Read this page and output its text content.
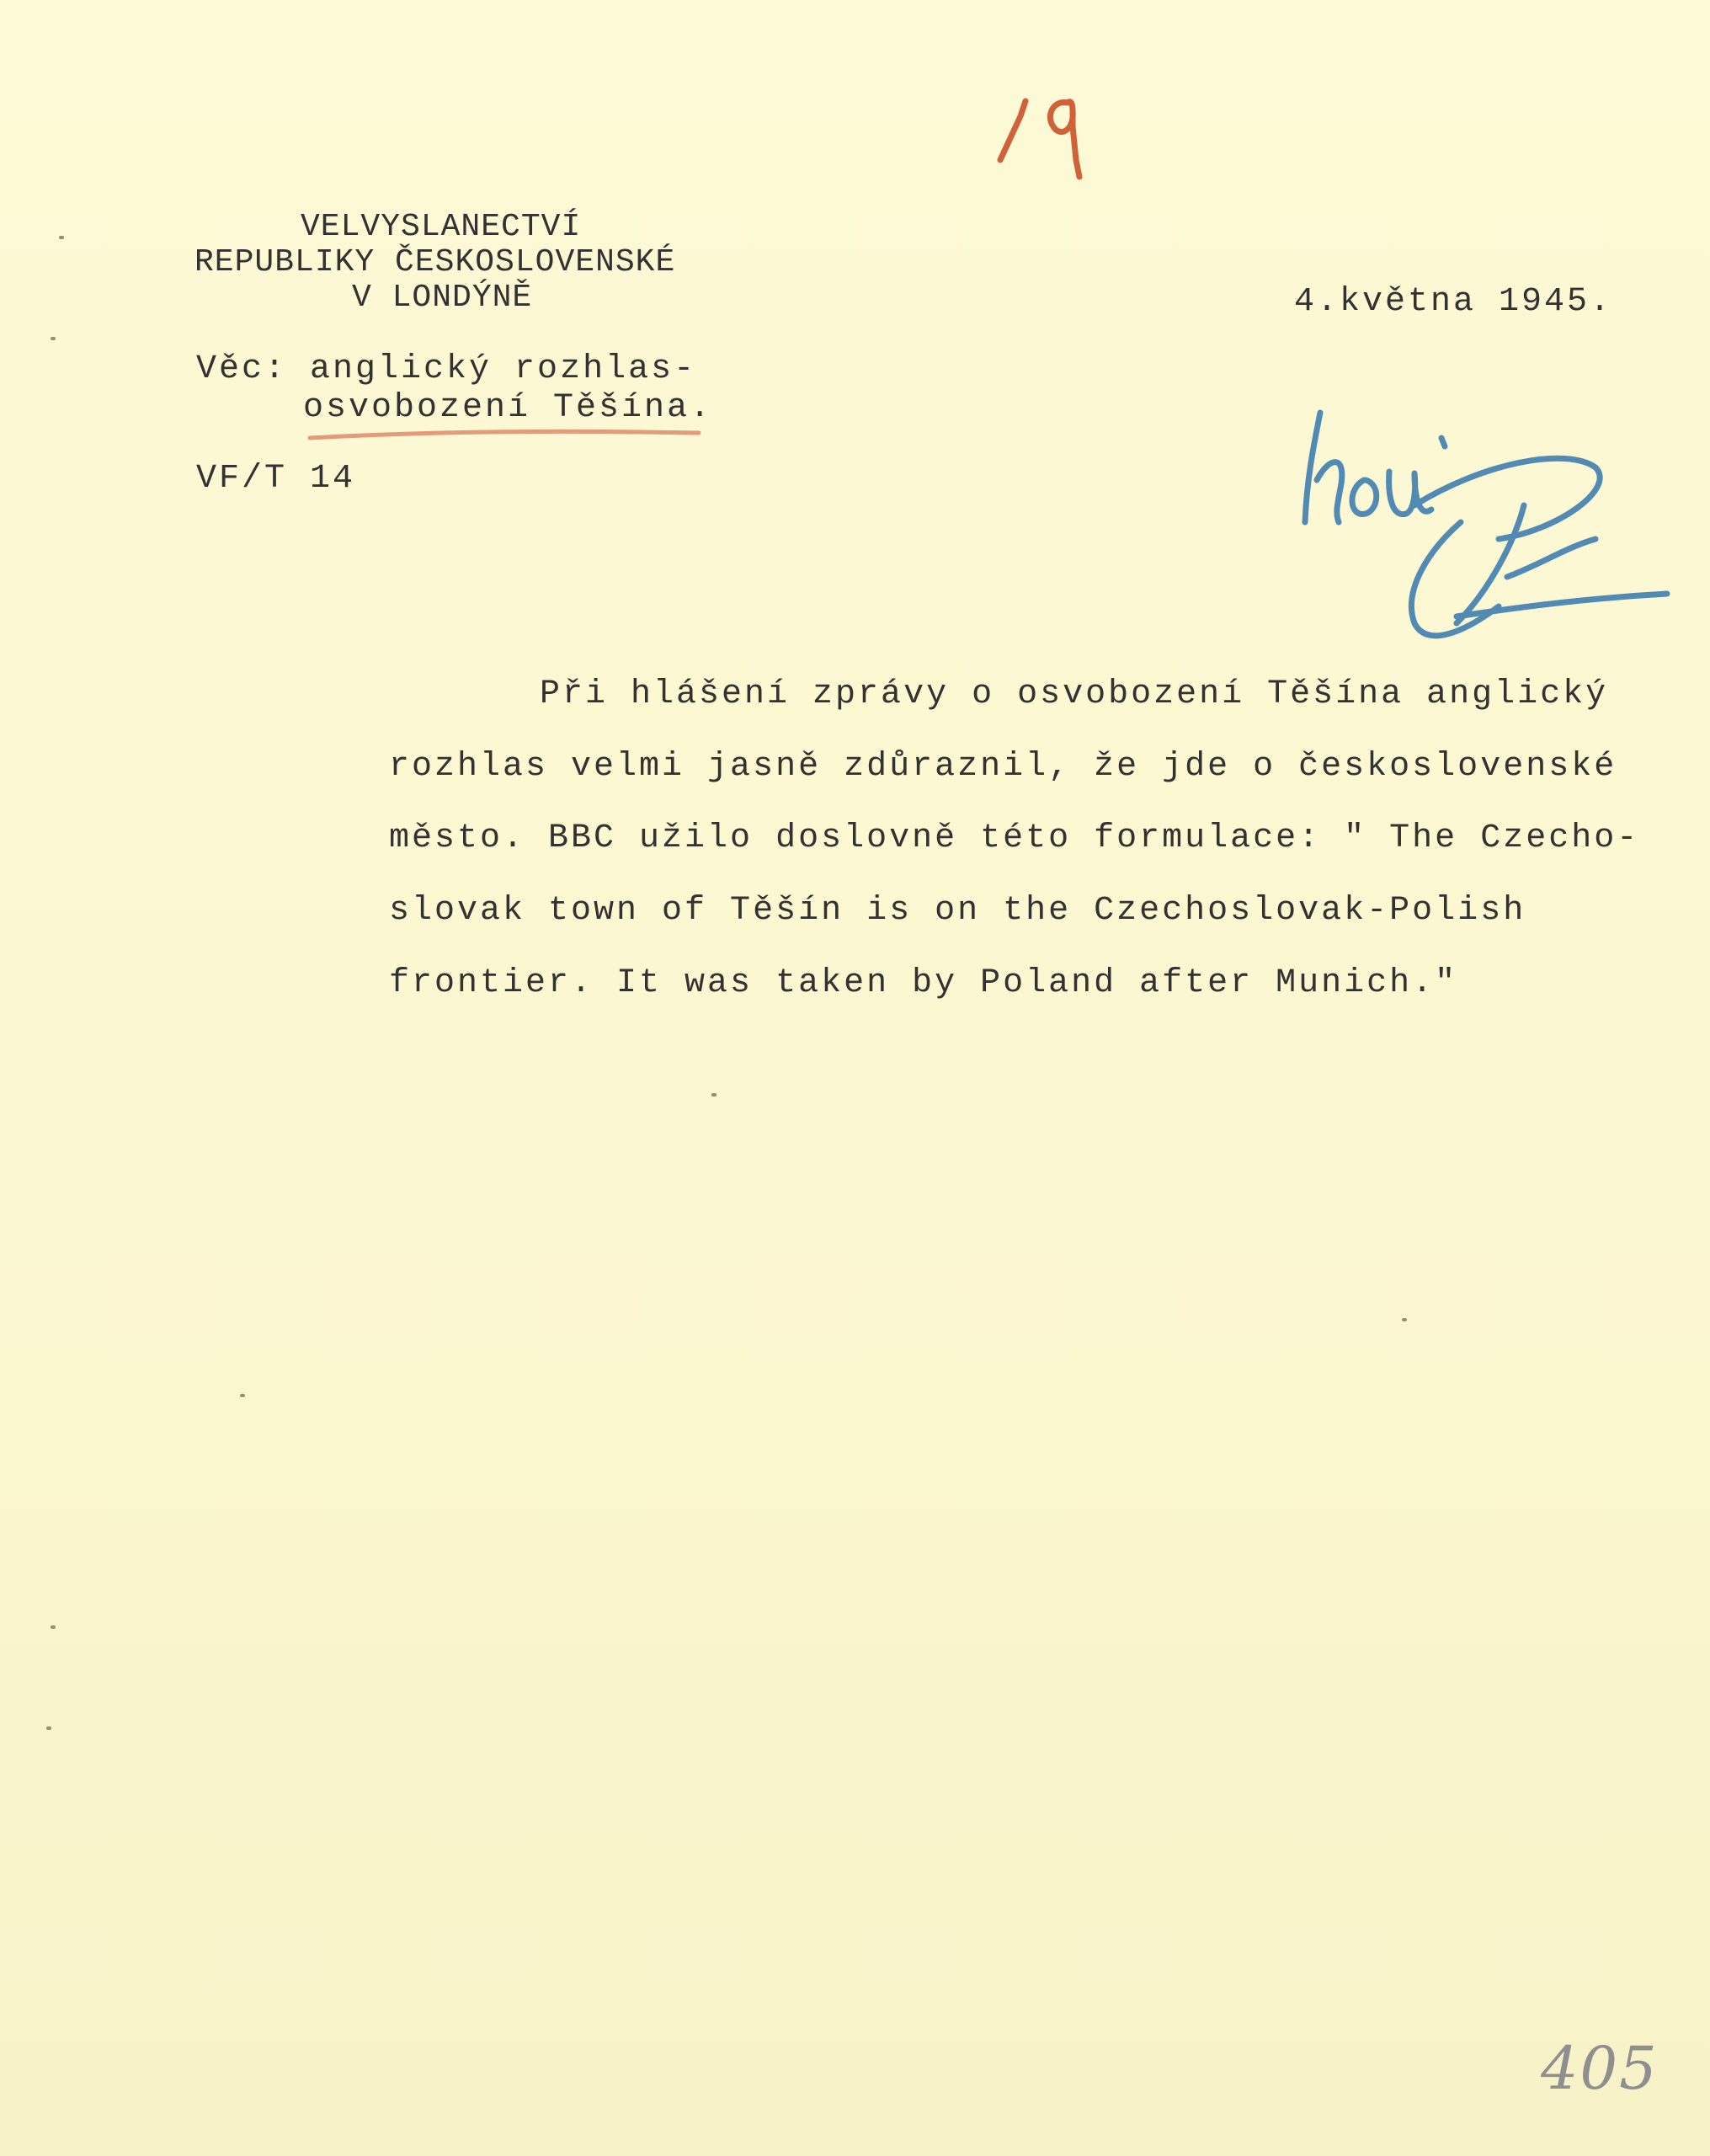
VELVYSLANECTVÍ
REPUBLIKY ČESKOSLOVENSKÉ
V LONDÝNĚ	4.května 1945.
Věc: anglický rozhlas-
osvobození Těšína.
VF/T 14
Při hlášení zprávy o osvobození Těšína anglický
rozhlas velmi jasně zdůraznil, že jde o československé
město. BBC užilo doslovně této formulace: " The Czecho-
slovak town of Těšín is on the Czechoslovak-Polish
frontier. It was taken by Poland after Munich."
405
